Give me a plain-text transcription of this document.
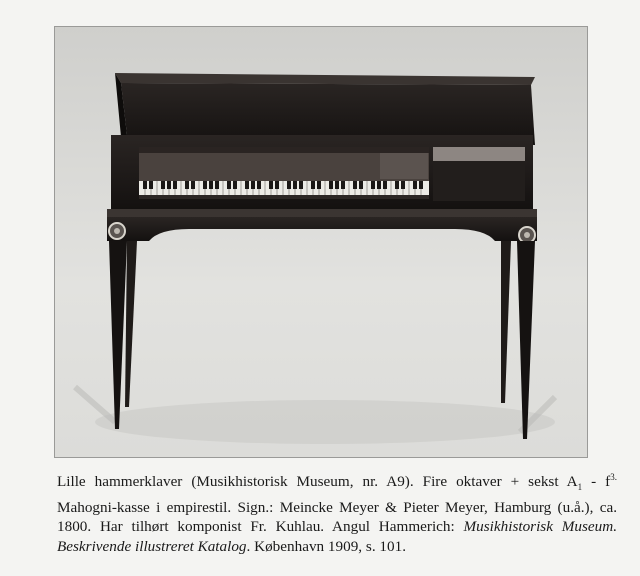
Lille hammerklaver (Musikhistorisk Museum, nr. A9). Fire oktaver + sekst $A_1 - f^{3.}$ Mahogni-kasse i empirestil. Sign.: Meincke Meyer & Pieter Meyer, Hamburg (u.å.), ca. 1800. Har tilhørt komponist Fr. Kuhlau. Angul Hammerich: Musikhistorisk Museum. Beskrivende illustreret Katalog. København 1909, s. 101.
